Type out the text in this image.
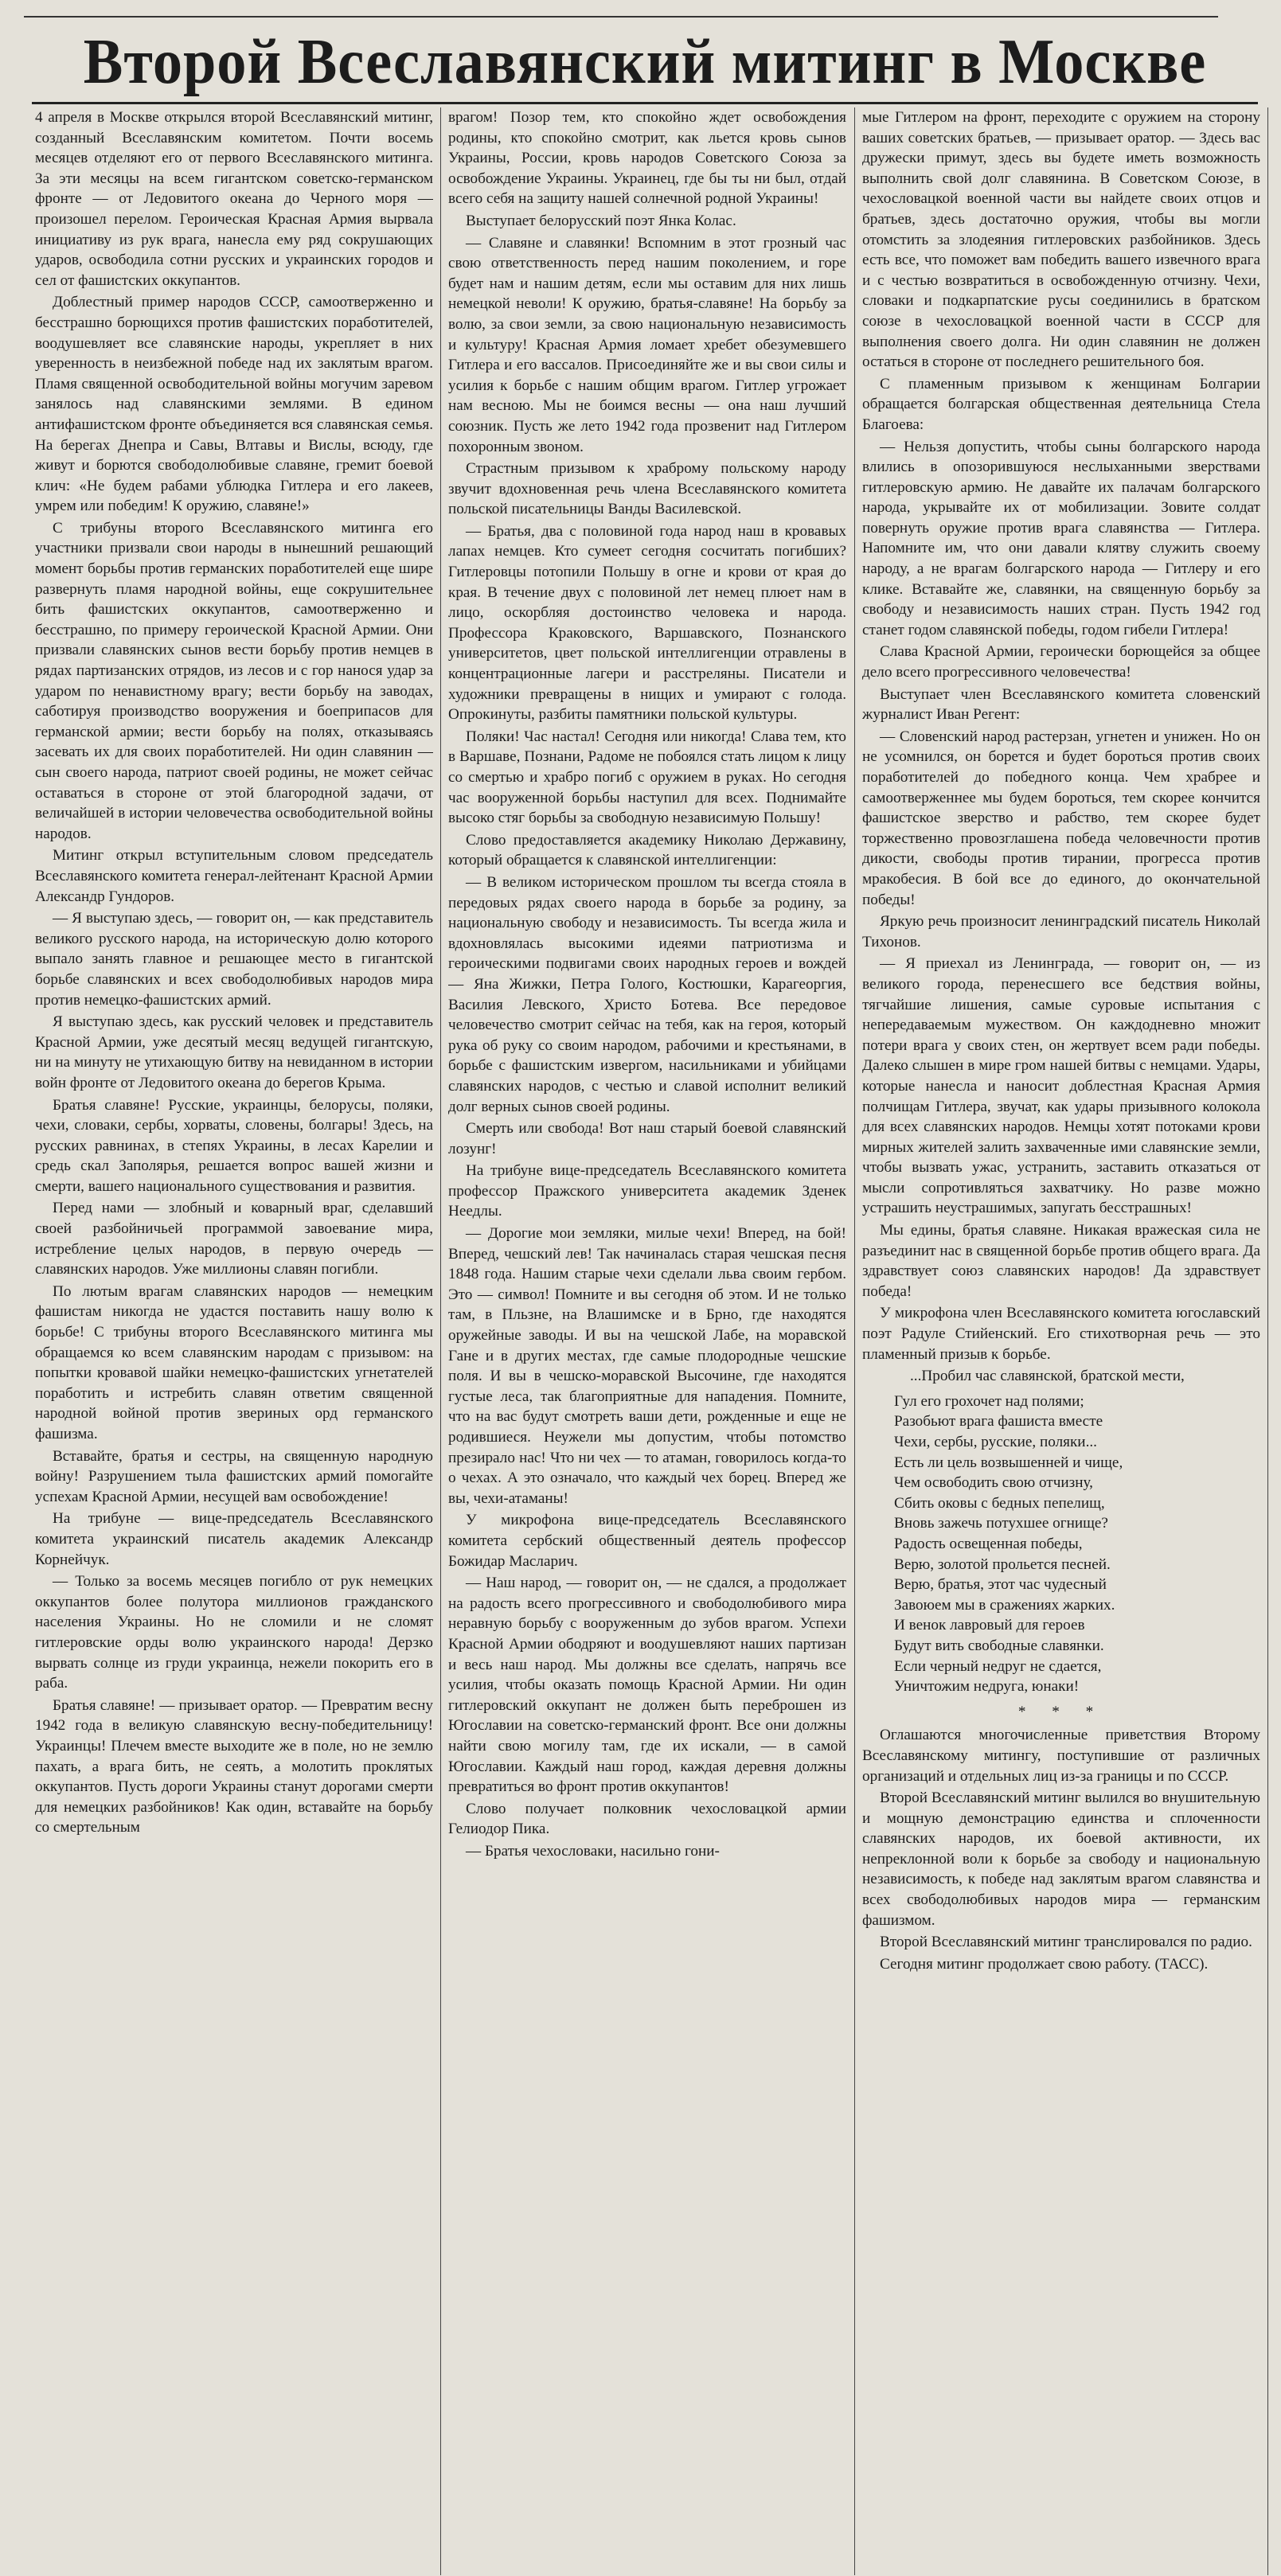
Второй Всеславянский митинг в Москве

4 апреля в Москве открылся второй Всеславянский митинг, созданный Всеславянским комитетом. Почти восемь месяцев отделяют его от первого Всеславянского митинга. За эти месяцы на всем гигантском советско-германском фронте — от Ледовитого океана до Черного моря — произошел перелом. Героическая Красная Армия вырвала инициативу из рук врага, нанесла ему ряд сокрушающих ударов, освободила сотни русских и украинских городов и сел от фашистских оккупантов.

Доблестный пример народов СССР, самоотверженно и бесстрашно борющихся против фашистских поработителей, воодушевляет все славянские народы, укрепляет в них уверенность в неизбежной победе над их заклятым врагом. Пламя священной освободительной войны могучим заревом занялось над славянскими землями. В едином антифашистском фронте объединяется вся славянская семья. На берегах Днепра и Савы, Влтавы и Вислы, всюду, где живут и борются свободолюбивые славяне, гремит боевой клич: «Не будем рабами ублюдка Гитлера и его лакеев, умрем или победим! К оружию, славяне!»

С трибуны второго Всеславянского митинга его участники призвали свои народы в нынешний решающий момент борьбы против германских поработителей еще шире развернуть пламя народной войны, еще сокрушительнее бить фашистских оккупантов, самоотверженно и бесстрашно, по примеру героической Красной Армии. Они призвали славянских сынов вести борьбу против немцев в рядах партизанских отрядов, из лесов и с гор нанося удар за ударом по ненавистному врагу; вести борьбу на заводах, саботируя производство вооружения и боеприпасов для германской армии; вести борьбу на полях, отказываясь засевать их для своих поработителей. Ни один славянин — сын своего народа, патриот своей родины, не может сейчас оставаться в стороне от этой благородной задачи, от величайшей в истории человечества освободительной войны народов.

Митинг открыл вступительным словом председатель Всеславянского комитета генерал-лейтенант Красной Армии Александр Гундоров.

— Я выступаю здесь, — говорит он, — как представитель великого русского народа, на историческую долю которого выпало занять главное и решающее место в гигантской борьбе славянских и всех свободолюбивых народов мира против немецко-фашистских армий.

Я выступаю здесь, как русский человек и представитель Красной Армии, уже десятый месяц ведущей гигантскую, ни на минуту не утихающую битву на невиданном в истории войн фронте от Ледовитого океана до берегов Крыма.

Братья славяне! Русские, украинцы, белорусы, поляки, чехи, словаки, сербы, хорваты, словены, болгары! Здесь, на русских равнинах, в степях Украины, в лесах Карелии и средь скал Заполярья, решается вопрос вашей жизни и смерти, вашего национального существования и развития.

Перед нами — злобный и коварный враг, сделавший своей разбойничьей программой завоевание мира, истребление целых народов, в первую очередь — славянских народов. Уже миллионы славян погибли.

По лютым врагам славянских народов — немецким фашистам никогда не удастся поставить нашу волю к борьбе! С трибуны второго Всеславянского митинга мы обращаемся ко всем славянским народам с призывом: на попытки кровавой шайки немецко-фашистских угнетателей поработить и истребить славян ответим священной народной войной против звериных орд германского фашизма.

Вставайте, братья и сестры, на священную народную войну! Разрушением тыла фашистских армий помогайте успехам Красной Армии, несущей вам освобождение!

На трибуне — вице-председатель Всеславянского комитета украинский писатель академик Александр Корнейчук.

— Только за восемь месяцев погибло от рук немецких оккупантов более полутора миллионов гражданского населения Украины. Но не сломили и не сломят гитлеровские орды волю украинского народа! Дерзко вырвать солнце из груди украинца, нежели покорить его в раба.

Братья славяне! — призывает оратор. — Превратим весну 1942 года в великую славянскую весну-победительницу! Украинцы! Плечем вместе выходите же в поле, но не землю пахать, а врага бить, не сеять, а молотить проклятых оккупантов. Пусть дороги Украины станут дорогами смерти для немецких разбойников! Как один, вставайте на борьбу со смертельным

врагом! Позор тем, кто спокойно ждет освобождения родины, кто спокойно смотрит, как льется кровь сынов Украины, России, кровь народов Советского Союза за освобождение Украины. Украинец, где бы ты ни был, отдай всего себя на защиту нашей солнечной родной Украины!

Выступает белорусский поэт Янка Колас.

— Славяне и славянки! Вспомним в этот грозный час свою ответственность перед нашим поколением, и горе будет нам и нашим детям, если мы оставим для них лишь немецкой неволи! К оружию, братья-славяне! На борьбу за волю, за свои земли, за свою национальную независимость и культуру! Красная Армия ломает хребет обезумевшего Гитлера и его вассалов. Присоединяйте же и вы свои силы и усилия к борьбе с нашим общим врагом. Гитлер угрожает нам весною. Мы не боимся весны — она наш лучший союзник. Пусть же лето 1942 года прозвенит над Гитлером похоронным звоном.

Страстным призывом к храброму польскому народу звучит вдохновенная речь члена Всеславянского комитета польской писательницы Ванды Василевской.

— Братья, два с половиной года народ наш в кровавых лапах немцев. Кто сумеет сегодня сосчитать погибших? Гитлеровцы потопили Польшу в огне и крови от края до края. В течение двух с половиной лет немец плюет нам в лицо, оскорбляя достоинство человека и народа. Профессора Краковского, Варшавского, Познанского университетов, цвет польской интеллигенции отравлены в концентрационные лагери и расстреляны. Писатели и художники превращены в нищих и умирают с голода. Опрокинуты, разбиты памятники польской культуры.

Поляки! Час настал! Сегодня или никогда! Слава тем, кто в Варшаве, Познани, Радоме не побоялся стать лицом к лицу со смертью и храбро погиб с оружием в руках. Но сегодня час вооруженной борьбы наступил для всех. Поднимайте высоко стяг борьбы за свободную независимую Польшу!

Слово предоставляется академику Николаю Державину, который обращается к славянской интеллигенции:

— В великом историческом прошлом ты всегда стояла в передовых рядах своего народа в борьбе за родину, за национальную свободу и независимость. Ты всегда жила и вдохновлялась высокими идеями патриотизма и героическими подвигами своих народных героев и вождей — Яна Жижки, Петра Голого, Костюшки, Карагеоргия, Василия Левского, Христо Ботева. Все передовое человечество смотрит сейчас на тебя, как на героя, который рука об руку со своим народом, рабочими и крестьянами, в борьбе с фашистским извергом, насильниками и убийцами славянских народов, с честью и славой исполнит великий долг верных сынов своей родины.

Смерть или свобода! Вот наш старый боевой славянский лозунг!

На трибуне вице-председатель Всеславянского комитета профессор Пражского университета академик Зденек Неедлы.

— Дорогие мои земляки, милые чехи! Вперед, на бой! Вперед, чешский лев! Так начиналась старая чешская песня 1848 года. Нашим старые чехи сделали льва своим гербом. Это — символ! Помните и вы сегодня об этом. И не только там, в Пльзне, на Влашимске и в Брно, где находятся оружейные заводы. И вы на чешской Лабе, на моравской Гане и в других местах, где самые плодородные чешские поля. И вы в чешско-моравской Высочине, где находятся густые леса, так благоприятные для нападения. Помните, что на вас будут смотреть ваши дети, рожденные и еще не родившиеся. Неужели мы допустим, чтобы потомство презирало нас! Что ни чех — то атаман, говорилось когда-то о чехах. А это означало, что каждый чех борец. Вперед же вы, чехи-атаманы!

У микрофона вице-председатель Всеславянского комитета сербский общественный деятель профессор Божидар Масларич.

— Наш народ, — говорит он, — не сдался, а продолжает на радость всего прогрессивного и свободолюбивого мира неравную борьбу с вооруженным до зубов врагом. Успехи Красной Армии ободряют и воодушевляют наших партизан и весь наш народ. Мы должны все сделать, напрячь все усилия, чтобы оказать помощь Красной Армии. Ни один гитлеровский оккупант не должен быть переброшен из Югославии на советско-германский фронт. Все они должны найти свою могилу там, где их искали, — в самой Югославии. Каждый наш город, каждая деревня должны превратиться во фронт против оккупантов!

Слово получает полковник чехословацкой армии Гелиодор Пика.

— Братья чехословаки, насильно гони-

мые Гитлером на фронт, переходите с оружием на сторону ваших советских братьев, — призывает оратор. — Здесь вас дружески примут, здесь вы будете иметь возможность выполнить свой долг славянина. В Советском Союзе, в чехословацкой военной части вы найдете своих отцов и братьев, здесь достаточно оружия, чтобы вы могли отомстить за злодеяния гитлеровских разбойников. Здесь есть все, что поможет вам победить вашего извечного врага и с честью возвратиться в освобожденную отчизну. Чехи, словаки и подкарпатские русы соединились в братском союзе в чехословацкой военной части в СССР для выполнения своего долга. Ни один славянин не должен остаться в стороне от последнего решительного боя.

С пламенным призывом к женщинам Болгарии обращается болгарская общественная деятельница Стела Благоева:

— Нельзя допустить, чтобы сыны болгарского народа влились в опозорившуюся неслыханными зверствами гитлеровскую армию. Не давайте их палачам болгарского народа, укрывайте их от мобилизации. Зовите солдат повернуть оружие против врага славянства — Гитлера. Напомните им, что они давали клятву служить своему народу, а не врагам болгарского народа — Гитлеру и его клике. Вставайте же, славянки, на священную борьбу за свободу и независимость наших стран. Пусть 1942 год станет годом славянской победы, годом гибели Гитлера!

Слава Красной Армии, героически борющейся за общее дело всего прогрессивного человечества!

Выступает член Всеславянского комитета словенский журналист Иван Регент:

— Словенский народ растерзан, угнетен и унижен. Но он не усомнился, он борется и будет бороться против своих поработителей до победного конца. Чем храбрее и самоотверженнее мы будем бороться, тем скорее кончится фашистское зверство и рабство, тем скорее будет торжественно провозглашена победа человечности против дикости, свободы против тирании, прогресса против мракобесия. В бой все до единого, до окончательной победы!

Яркую речь произносит ленинградский писатель Николай Тихонов.

— Я приехал из Ленинграда, — говорит он, — из великого города, перенесшего все бедствия войны, тягчайшие лишения, самые суровые испытания с непередаваемым мужеством. Он каждодневно множит потери врага у своих стен, он жертвует всем ради победы. Далеко слышен в мире гром нашей битвы с немцами. Удары, которые нанесла и наносит доблестная Красная Армия полчищам Гитлера, звучат, как удары призывного колокола для всех славянских народов. Немцы хотят потоками крови мирных жителей залить захваченные ими славянские земли, чтобы вызвать ужас, устранить, заставить отказаться от мысли сопротивляться захватчику. Но разве можно устрашить неустрашимых, запугать бесстрашных!

Мы едины, братья славяне. Никакая вражеская сила не разъединит нас в священной борьбе против общего врага. Да здравствует союз славянских народов! Да здравствует победа!

У микрофона член Всеславянского комитета югославский поэт Радуле Стийенский. Его стихотворная речь — это пламенный призыв к борьбе.

...Пробил час славянской, братской мести,

Гул его грохочет над полями;
Разобьют врага фашиста вместе
Чехи, сербы, русские, поляки...
Есть ли цель возвышенней и чище,
Чем освободить свою отчизну,
Сбить оковы с бедных пепелищ,
Вновь зажечь потухшее огнище?
Радость освещенная победы,
Верю, золотой прольется песней.
Верю, братья, этот час чудесный
Завоюем мы в сражениях жарких.
И венок лавровый для героев
Будут вить свободные славянки.
Если черный недруг не сдается,
Уничтожим недруга, юнаки!
* * *

Оглашаются многочисленные приветствия Второму Всеславянскому митингу, поступившие от различных организаций и отдельных лиц из-за границы и по СССР.

Второй Всеславянский митинг вылился во внушительную и мощную демонстрацию единства и сплоченности славянских народов, их боевой активности, их непреклонной воли к борьбе за свободу и национальную независимость, к победе над заклятым врагом славянства и всех свободолюбивых народов мира — германским фашизмом.

Второй Всеславянский митинг транслировался по радио.

Сегодня митинг продолжает свою работу. (ТАСС).
